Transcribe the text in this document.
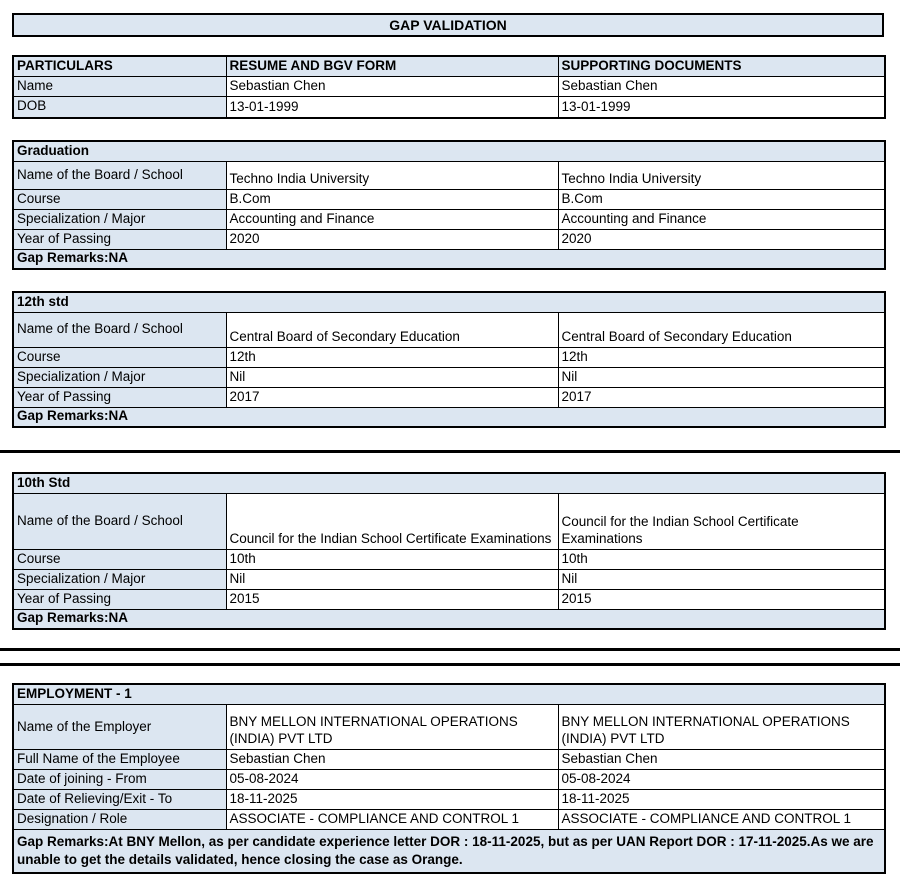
GAP VALIDATION
PARTICULARS	RESUME AND BGV FORM	SUPPORTING DOCUMENTS
Name	Sebastian Chen	Sebastian Chen
DOB	13-01-1999	13-01-1999
Graduation		
Name of the Board / School	Techno India University	Techno India University
Course	B.Com	B.Com
Specialization / Major	Accounting and Finance	Accounting and Finance
Year of Passing	2020	2020
Gap Remarks:NA		
12th std		
Name of the Board / School	Central Board of Secondary Education	Central Board of Secondary Education
Course	12th	12th
Specialization / Major	Nil	Nil
Year of Passing	2017	2017
Gap Remarks:NA		
10th Std		
Name of the Board / School	Council for the Indian School Certificate Examinations	Council for the Indian School Certificate Examinations
Course	10th	10th
Specialization / Major	Nil	Nil
Year of Passing	2015	2015
Gap Remarks:NA		
EMPLOYMENT - 1		
Name of the Employer	BNY MELLON INTERNATIONAL OPERATIONS (INDIA) PVT LTD	BNY MELLON INTERNATIONAL OPERATIONS (INDIA) PVT LTD
Full Name of the Employee	Sebastian Chen	Sebastian Chen
Date of joining - From	05-08-2024	05-08-2024
Date of Relieving/Exit - To	18-11-2025	18-11-2025
Designation / Role	ASSOCIATE - COMPLIANCE AND CONTROL 1	ASSOCIATE - COMPLIANCE AND CONTROL 1
Gap Remarks:At BNY Mellon, as per candidate experience letter DOR : 18-11-2025, but as per UAN Report DOR : 17-11-2025.As we are unable to get the details validated, hence closing the case as Orange.		
